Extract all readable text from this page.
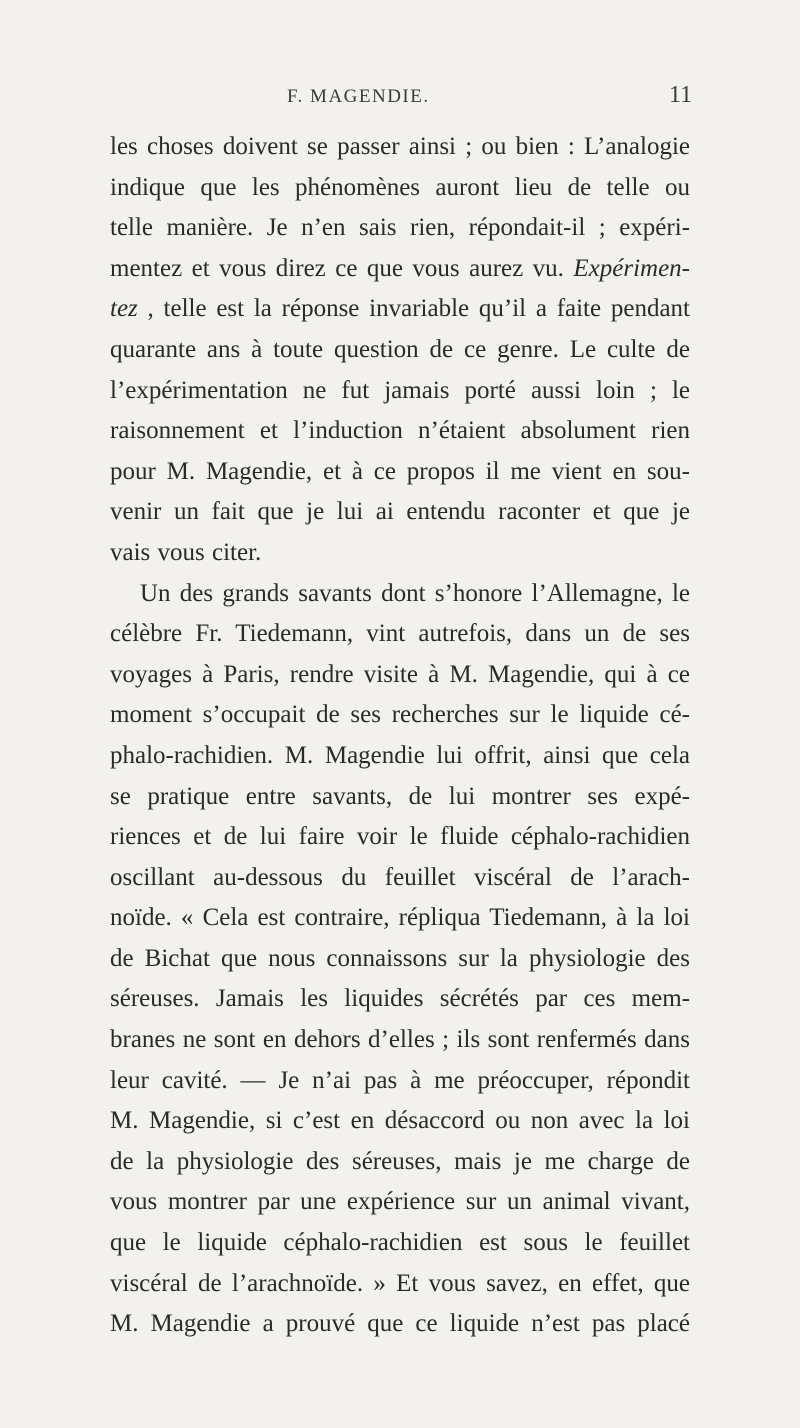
F. MAGENDIE.	11
les choses doivent se passer ainsi ; ou bien : L’analogie
indique que les phénomènes auront lieu de telle ou
telle manière. Je n’en sais rien, répondait-il ; expéri-
mentez et vous direz ce que vous aurez vu. Expérimen-
tez , telle est la réponse invariable qu’il a faite pendant
quarante ans à toute question de ce genre. Le culte de
l’expérimentation ne fut jamais porté aussi loin ; le
raisonnement et l’induction n’étaient absolument rien
pour M. Magendie, et à ce propos il me vient en sou-
venir un fait que je lui ai entendu raconter et que je
vais vous citer.
Un des grands savants dont s’honore l’Allemagne, le
célèbre Fr. Tiedemann, vint autrefois, dans un de ses
voyages à Paris, rendre visite à M. Magendie, qui à ce
moment s’occupait de ses recherches sur le liquide cé-
phalo-rachidien. M. Magendie lui offrit, ainsi que cela
se pratique entre savants, de lui montrer ses expé-
riences et de lui faire voir le fluide céphalo-rachidien
oscillant au-dessous du feuillet viscéral de l’arach-
noïde. « Cela est contraire, répliqua Tiedemann, à la loi
de Bichat que nous connaissons sur la physiologie des
séreuses. Jamais les liquides sécrétés par ces mem-
branes ne sont en dehors d’elles ; ils sont renfermés dans
leur cavité. — Je n’ai pas à me préoccuper, répondit
M. Magendie, si c’est en désaccord ou non avec la loi
de la physiologie des séreuses, mais je me charge de
vous montrer par une expérience sur un animal vivant,
que le liquide céphalo-rachidien est sous le feuillet
viscéral de l’arachnoïde. » Et vous savez, en effet, que
M. Magendie a prouvé que ce liquide n’est pas placé
